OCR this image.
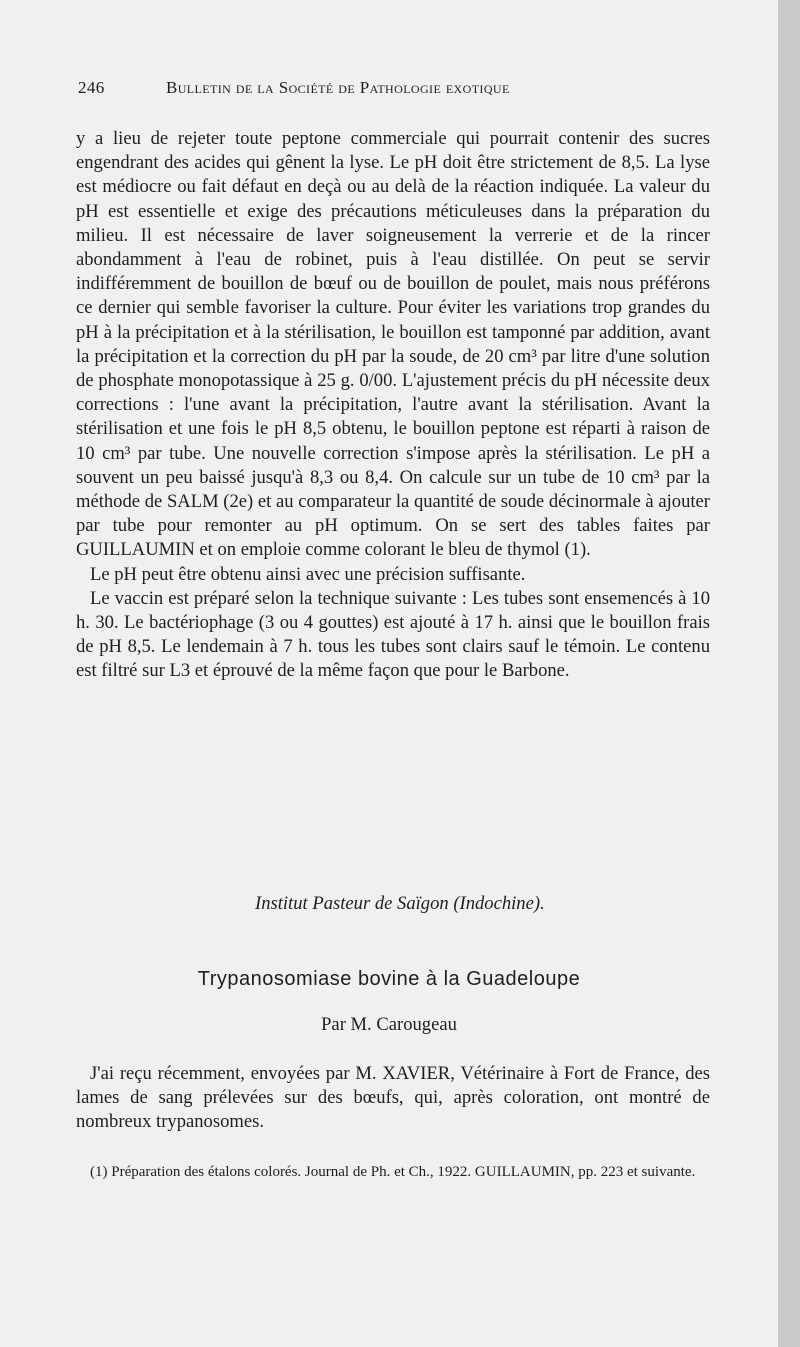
246	Bulletin de la Société de Pathologie exotique

y a lieu de rejeter toute peptone commerciale qui pourrait contenir des sucres engendrant des acides qui gênent la lyse. Le pH doit être strictement de 8,5. La lyse est médiocre ou fait défaut en deçà ou au delà de la réaction indiquée. La valeur du pH est essentielle et exige des précautions méticuleuses dans la préparation du milieu. Il est nécessaire de laver soigneusement la verrerie et de la rincer abondamment à l'eau de robinet, puis à l'eau distillée. On peut se servir indifféremment de bouillon de bœuf ou de bouillon de poulet, mais nous préférons ce dernier qui semble favoriser la culture. Pour éviter les variations trop grandes du pH à la précipitation et à la stérilisation, le bouillon est tamponné par addition, avant la précipitation et la correction du pH par la soude, de 20 cm³ par litre d'une solution de phosphate monopotassique à 25 g. 0/00. L'ajustement précis du pH nécessite deux corrections : l'une avant la précipitation, l'autre avant la stérilisation. Avant la stérilisation et une fois le pH 8,5 obtenu, le bouillon peptone est réparti à raison de 10 cm³ par tube. Une nouvelle correction s'impose après la stérilisation. Le pH a souvent un peu baissé jusqu'à 8,3 ou 8,4. On calcule sur un tube de 10 cm³ par la méthode de SALM (2e) et au comparateur la quantité de soude décinormale à ajouter par tube pour remonter au pH optimum. On se sert des tables faites par GUILLAUMIN et on emploie comme colorant le bleu de thymol (1).

Le pH peut être obtenu ainsi avec une précision suffisante.

Le vaccin est préparé selon la technique suivante : Les tubes sont ensemencés à 10 h. 30. Le bactériophage (3 ou 4 gouttes) est ajouté à 17 h. ainsi que le bouillon frais de pH 8,5. Le lendemain à 7 h. tous les tubes sont clairs sauf le témoin. Le contenu est filtré sur L3 et éprouvé de la même façon que pour le Barbone.

Institut Pasteur de Saïgon (Indochine).
Trypanosomiase bovine à la Guadeloupe
Par M. Carougeau

J'ai reçu récemment, envoyées par M. XAVIER, Vétérinaire à Fort de France, des lames de sang prélevées sur des bœufs, qui, après coloration, ont montré de nombreux trypanosomes.

(1) Préparation des étalons colorés. Journal de Ph. et Ch., 1922. GUILLAUMIN, pp. 223 et suivante.
